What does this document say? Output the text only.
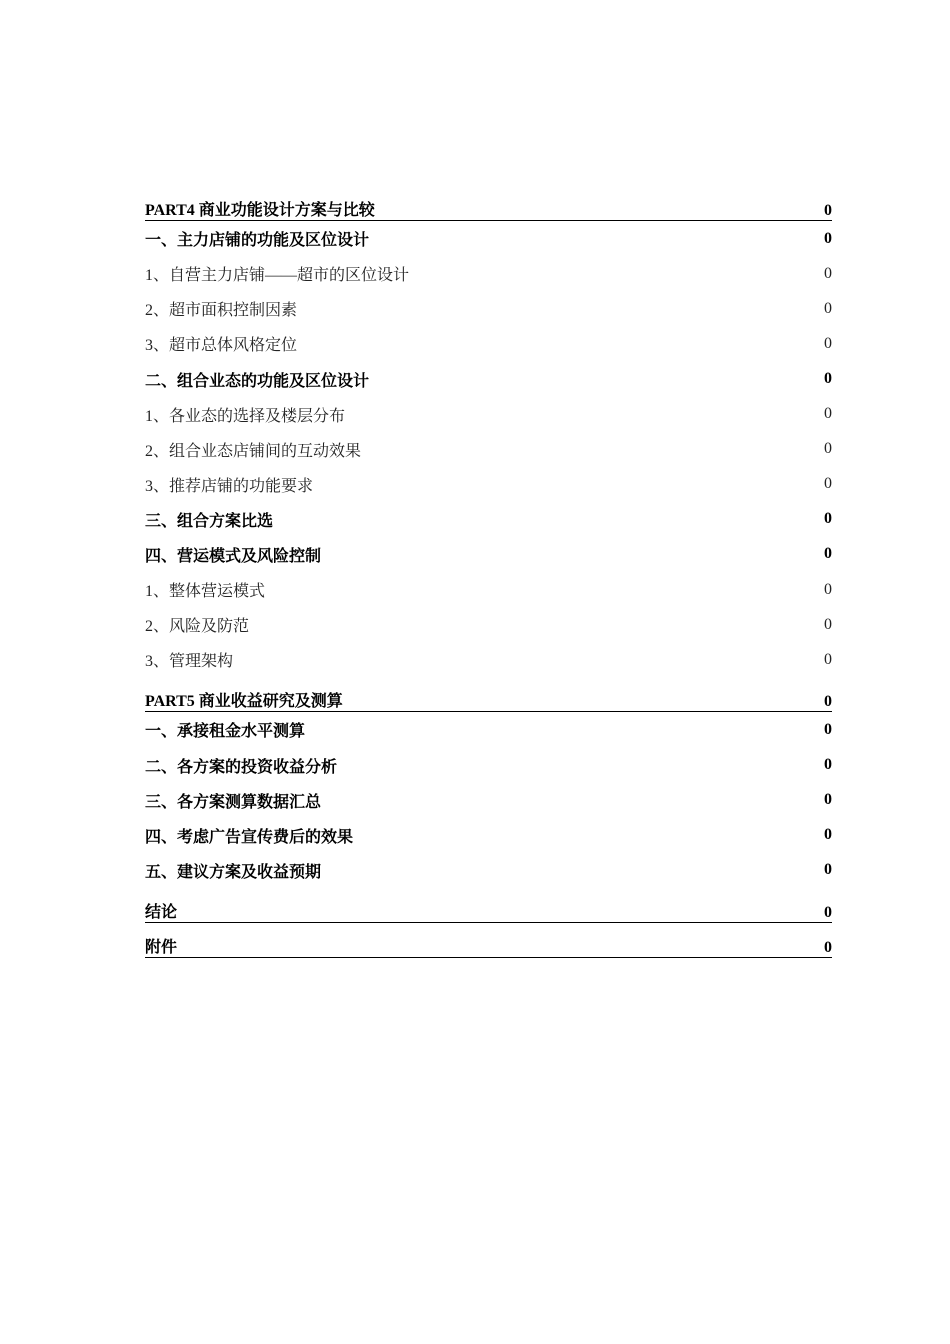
PART4 商业功能设计方案与比较	0
一、主力店铺的功能及区位设计	0
1、自营主力店铺——超市的区位设计	0
2、超市面积控制因素	0
3、超市总体风格定位	0
二、组合业态的功能及区位设计	0
1、各业态的选择及楼层分布	0
2、组合业态店铺间的互动效果	0
3、推荐店铺的功能要求	0
三、组合方案比选	0
四、营运模式及风险控制	0
1、整体营运模式	0
2、风险及防范	0
3、管理架构	0
PART5 商业收益研究及测算	0
一、承接租金水平测算	0
二、各方案的投资收益分析	0
三、各方案测算数据汇总	0
四、考虑广告宣传费后的效果	0
五、建议方案及收益预期	0
结论	0
附件	0
